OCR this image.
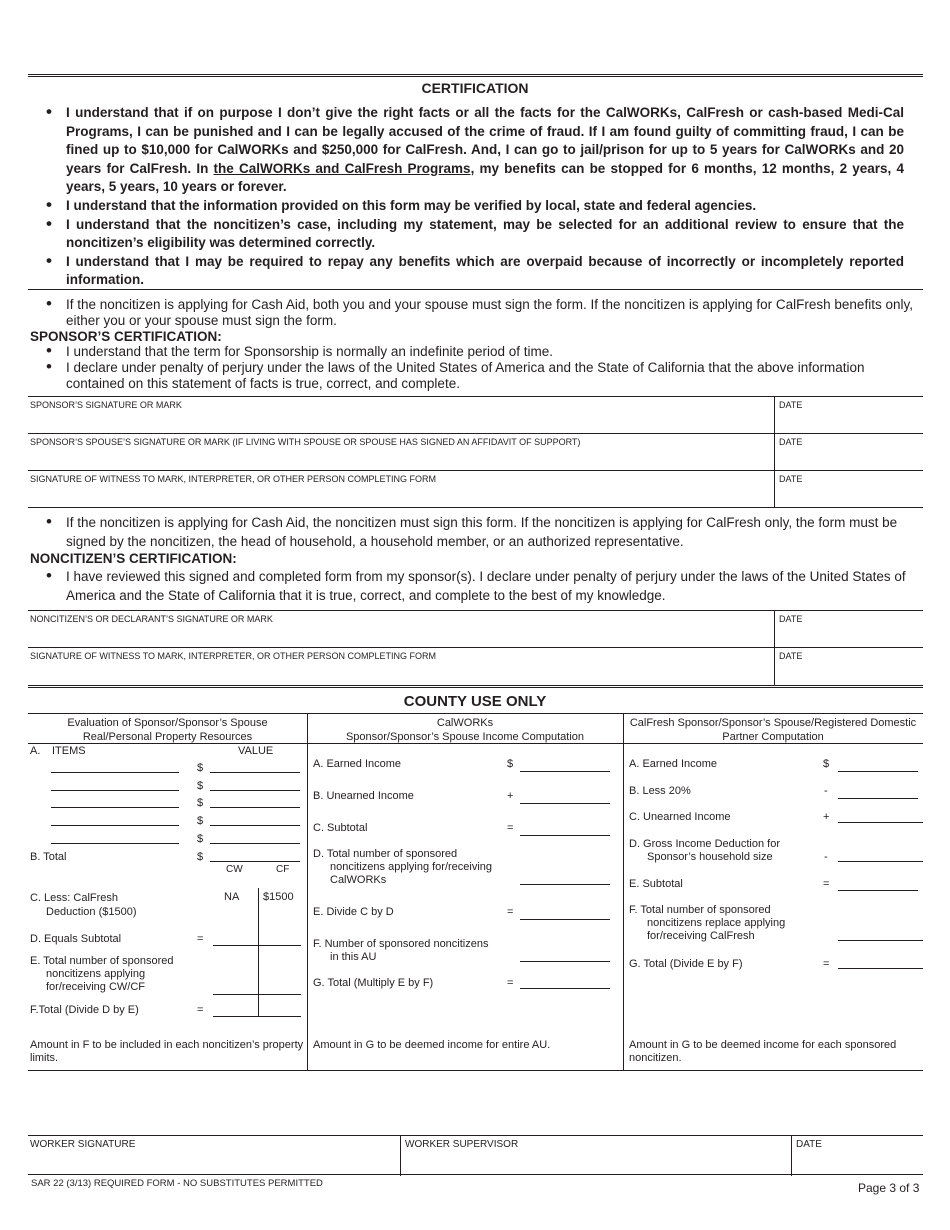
CERTIFICATION
• I understand that if on purpose I don’t give the right facts or all the facts for the CalWORKs, CalFresh or cash-based Medi-Cal Programs, I can be punished and I can be legally accused of the crime of fraud. If I am found guilty of committing fraud, I can be fined up to $10,000 for CalWORKs and $250,000 for CalFresh. And, I can go to jail/prison for up to 5 years for CalWORKs and 20 years for CalFresh. In the CalWORKs and CalFresh Programs, my benefits can be stopped for 6 months, 12 months, 2 years, 4 years, 5 years, 10 years or forever.
• I understand that the information provided on this form may be verified by local, state and federal agencies.
• I understand that the noncitizen’s case, including my statement, may be selected for an additional review to ensure that the noncitizen’s eligibility was determined correctly.
• I understand that I may be required to repay any benefits which are overpaid because of incorrectly or incompletely reported information.
• If the noncitizen is applying for Cash Aid, both you and your spouse must sign the form. If the noncitizen is applying for CalFresh benefits only, either you or your spouse must sign the form.
SPONSOR’S CERTIFICATION:
• I understand that the term for Sponsorship is normally an indefinite period of time.
• I declare under penalty of perjury under the laws of the United States of America and the State of California that the above information contained on this statement of facts is true, correct, and complete.
SPONSOR’S SIGNATURE OR MARK	DATE
SPONSOR’S SPOUSE’S SIGNATURE OR MARK (IF LIVING WITH SPOUSE OR SPOUSE HAS SIGNED AN AFFIDAVIT OF SUPPORT)	DATE
SIGNATURE OF WITNESS TO MARK, INTERPRETER, OR OTHER PERSON COMPLETING FORM	DATE
• If the noncitizen is applying for Cash Aid, the noncitizen must sign this form. If the noncitizen is applying for CalFresh only, the form must be signed by the noncitizen, the head of household, a household member, or an authorized representative.
NONCITIZEN’S CERTIFICATION:
• I have reviewed this signed and completed form from my sponsor(s). I declare under penalty of perjury under the laws of the United States of America and the State of California that it is true, correct, and complete to the best of my knowledge.
NONCITIZEN’S OR DECLARANT’S SIGNATURE OR MARK	DATE
SIGNATURE OF WITNESS TO MARK, INTERPRETER, OR OTHER PERSON COMPLETING FORM	DATE
COUNTY USE ONLY
Evaluation of Sponsor/Sponsor’s Spouse
Real/Personal Property Resources
A. ITEMS	VALUE
$
$
$
$
$
B. Total	$
CW	CF
C. Less: CalFresh
Deduction ($1500)
NA $1500
D. Equals Subtotal	=
E. Total number of sponsored
noncitizens applying
for/receiving CW/CF
F.Total (Divide D by E)	=
Amount in F to be included in each noncitizen’s property limits.
CalWORKs
Sponsor/Sponsor’s Spouse Income Computation
A. Earned Income	$
B. Unearned Income	+
C. Subtotal	=
D. Total number of sponsored
noncitizens applying for/receiving
CalWORKs
E. Divide C by D	=
F. Number of sponsored noncitizens
in this AU
G. Total (Multiply E by F)	=
Amount in G to be deemed income for entire AU.
CalFresh Sponsor/Sponsor’s Spouse/Registered Domestic
Partner Computation
A. Earned Income	$
B. Less 20%	-
C. Unearned Income	+
D. Gross Income Deduction for
Sponsor’s household size	-
E. Subtotal	=
F. Total number of sponsored
noncitizens replace applying
for/receiving CalFresh
G. Total (Divide E by F)	=
Amount in G to be deemed income for each sponsored noncitizen.
WORKER SIGNATURE	WORKER SUPERVISOR	DATE
SAR 22 (3/13) REQUIRED FORM - NO SUBSTITUTES PERMITTED	Page 3 of 3
